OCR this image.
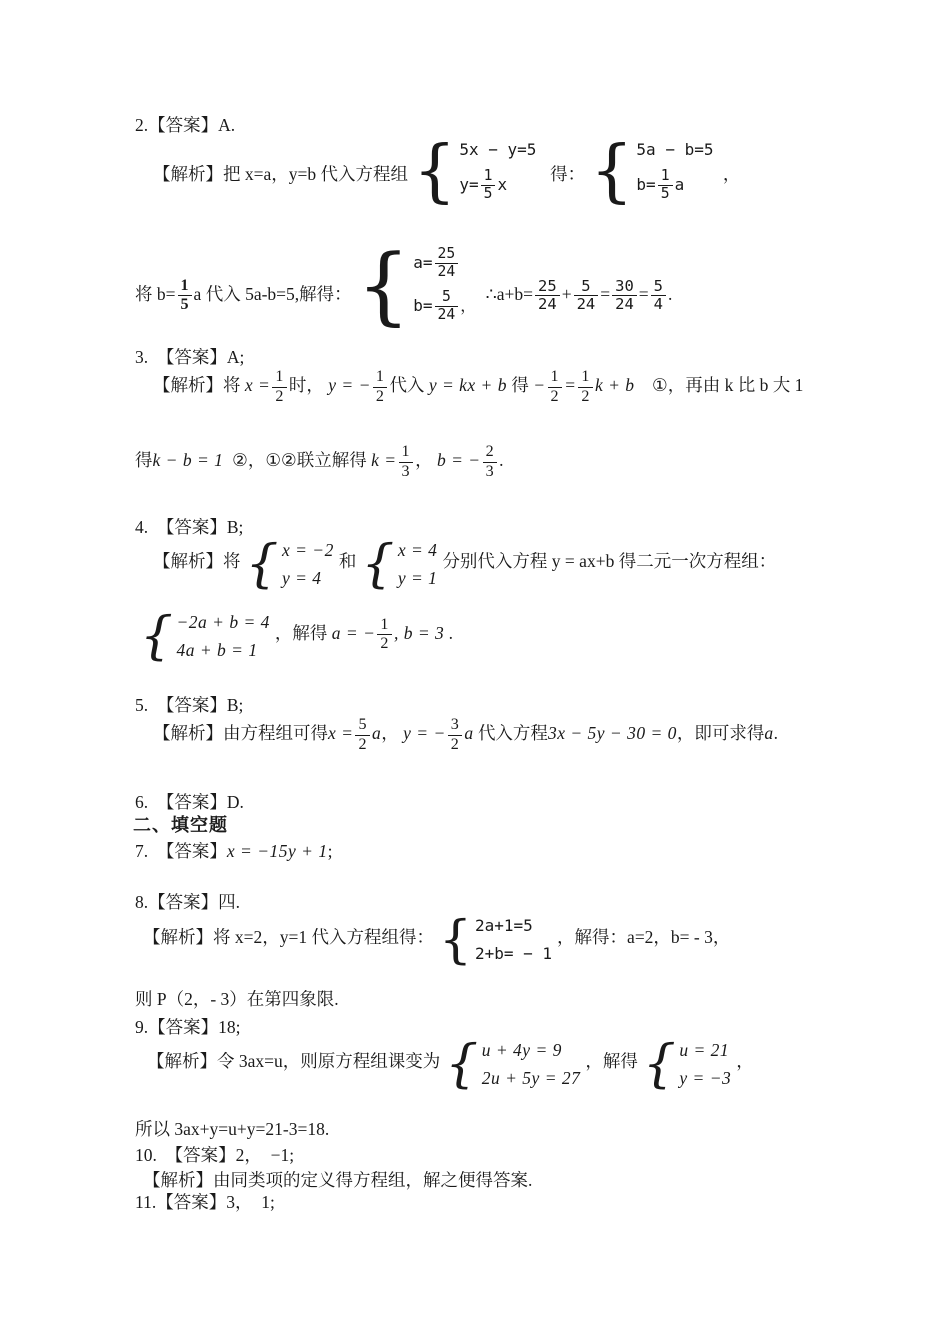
2.【答案】A.
【解析】把 x=a，y=b 代入方程组 { 5x − y=5
$y= \frac{1}{5}$ x
得： { 5a − b=5
$b= \frac{1}{5}$ a
，
将 $b= \frac{1}{5}$ a 代入 5a-b=5,解得： { $a= \frac{25}{24}$
$b= \frac{5}{24}$ ，
∴a+b= $\frac{25}{24} + \frac{5}{24} = \frac{30}{24} = \frac{5}{4}$ .
3.  【答案】A;
【解析】将 $x = \frac{1}{2}$ 时， y = − $\frac{1}{2}$ 代入 y = kx + b 得 − $\frac{1}{2} = \frac{1}{2}$ k + b    ①，再由 k 比 b 大 1
得k − b = 1  ②，①②联立解得 $k = \frac{1}{3}$ ， b = − $\frac{2}{3}$ .
4.  【答案】B;
【解析】将 { x = −2
y = 4
和 { x = 4
y = 1
分别代入方程 y = ax+b 得二元一次方程组：
{ −2a + b = 4
4a + b = 1
，解得 a = − $\frac{1}{2}$ , b = 3 .
5.  【答案】B;
【解析】由方程组可得$x = \frac{5}{2}$ a， y = − $\frac{3}{2}$ a 代入方程3x − 5y − 30 = 0，即可求得a.
6.  【答案】D.
二、填空题
7.  【答案】x = −15y + 1;
8.【答案】四.
【解析】将 x=2，y=1 代入方程组得： { 2a+1=5
2+b= − 1
，解得：a=2，b= - 3，
则 P（2，- 3）在第四象限.
9.【答案】18;
【解析】令 3ax=u，则原方程组课变为 { u + 4y = 9
2u + 5y = 27
，解得 { u = 21
y = −3
，
所以 3ax+y=u+y=21-3=18.
10.  【答案】2，  −1;
【解析】由同类项的定义得方程组，解之便得答案.
11.【答案】3，  1;
